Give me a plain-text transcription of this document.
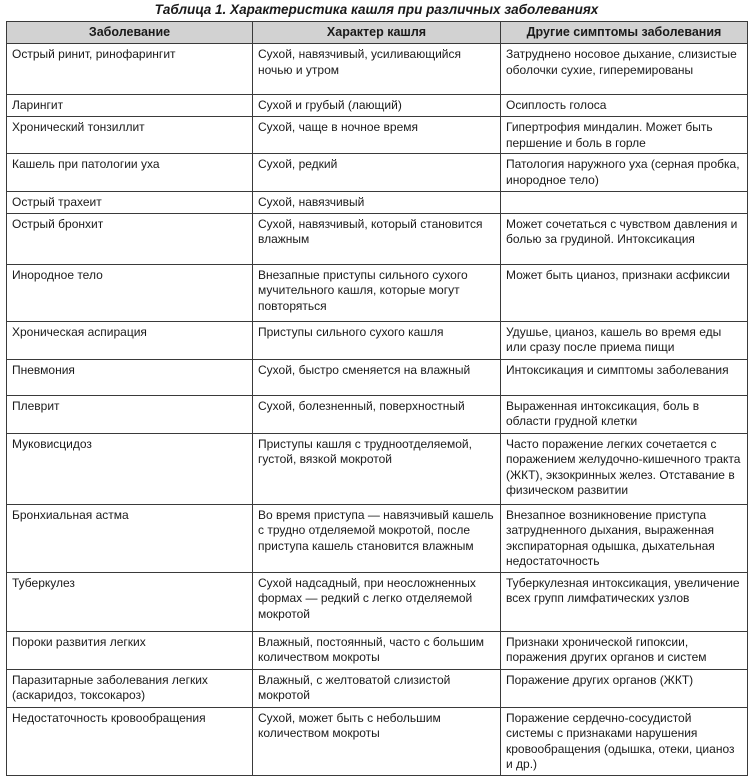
Таблица 1. Характеристика кашля при различных заболеваниях
Заболевание	Характер кашля	Другие симптомы заболевания
Острый ринит, ринофарингит	Сухой, навязчивый, усиливающийся ночью и утром	Затруднено носовое дыхание, слизистые оболочки сухие, гиперемированы
Ларингит	Сухой и грубый (лающий)	Осиплость голоса
Хронический тонзиллит	Сухой, чаще в ночное время	Гипертрофия миндалин. Может быть першение и боль в горле
Кашель при патологии уха	Сухой, редкий	Патология наружного уха (серная пробка, инородное тело)
Острый трахеит	Сухой, навязчивый	
Острый бронхит	Сухой, навязчивый, который становится влажным	Может сочетаться с чувством давления и болью за грудиной. Интоксикация
Инородное тело	Внезапные приступы сильного сухого мучительного кашля, которые могут повторяться	Может быть цианоз, признаки асфиксии
Хроническая аспирация	Приступы сильного сухого кашля	Удушье, цианоз, кашель во время еды или сразу после приема пищи
Пневмония	Сухой, быстро сменяется на влажный	Интоксикация и симптомы заболевания
Плеврит	Сухой, болезненный, поверхностный	Выраженная интоксикация, боль в области грудной клетки
Муковисцидоз	Приступы кашля с трудноотделяемой, густой, вязкой мокротой	Часто поражение легких сочетается с поражением желудочно-кишечного тракта (ЖКТ), экзокринных желез. Отставание в физическом развитии
Бронхиальная астма	Во время приступа — навязчивый кашель с трудно отделяемой мокротой, после приступа кашель становится влажным	Внезапное возникновение приступа затрудненного дыхания, выраженная экспираторная одышка, дыхательная недостаточность
Туберкулез	Сухой надсадный, при неосложненных формах — редкий с легко отделяемой мокротой	Туберкулезная интоксикация, увеличение всех групп лимфатических узлов
Пороки развития легких	Влажный, постоянный, часто с большим количеством мокроты	Признаки хронической гипоксии, поражения других органов и систем
Паразитарные заболевания легких (аскаридоз, токсокароз)	Влажный, с желтоватой слизистой мокротой	Поражение других органов (ЖКТ)
Недостаточность кровообращения	Сухой, может быть с небольшим количеством мокроты	Поражение сердечно-сосудистой системы с признаками нарушения кровообращения (одышка, отеки, цианоз и др.)
